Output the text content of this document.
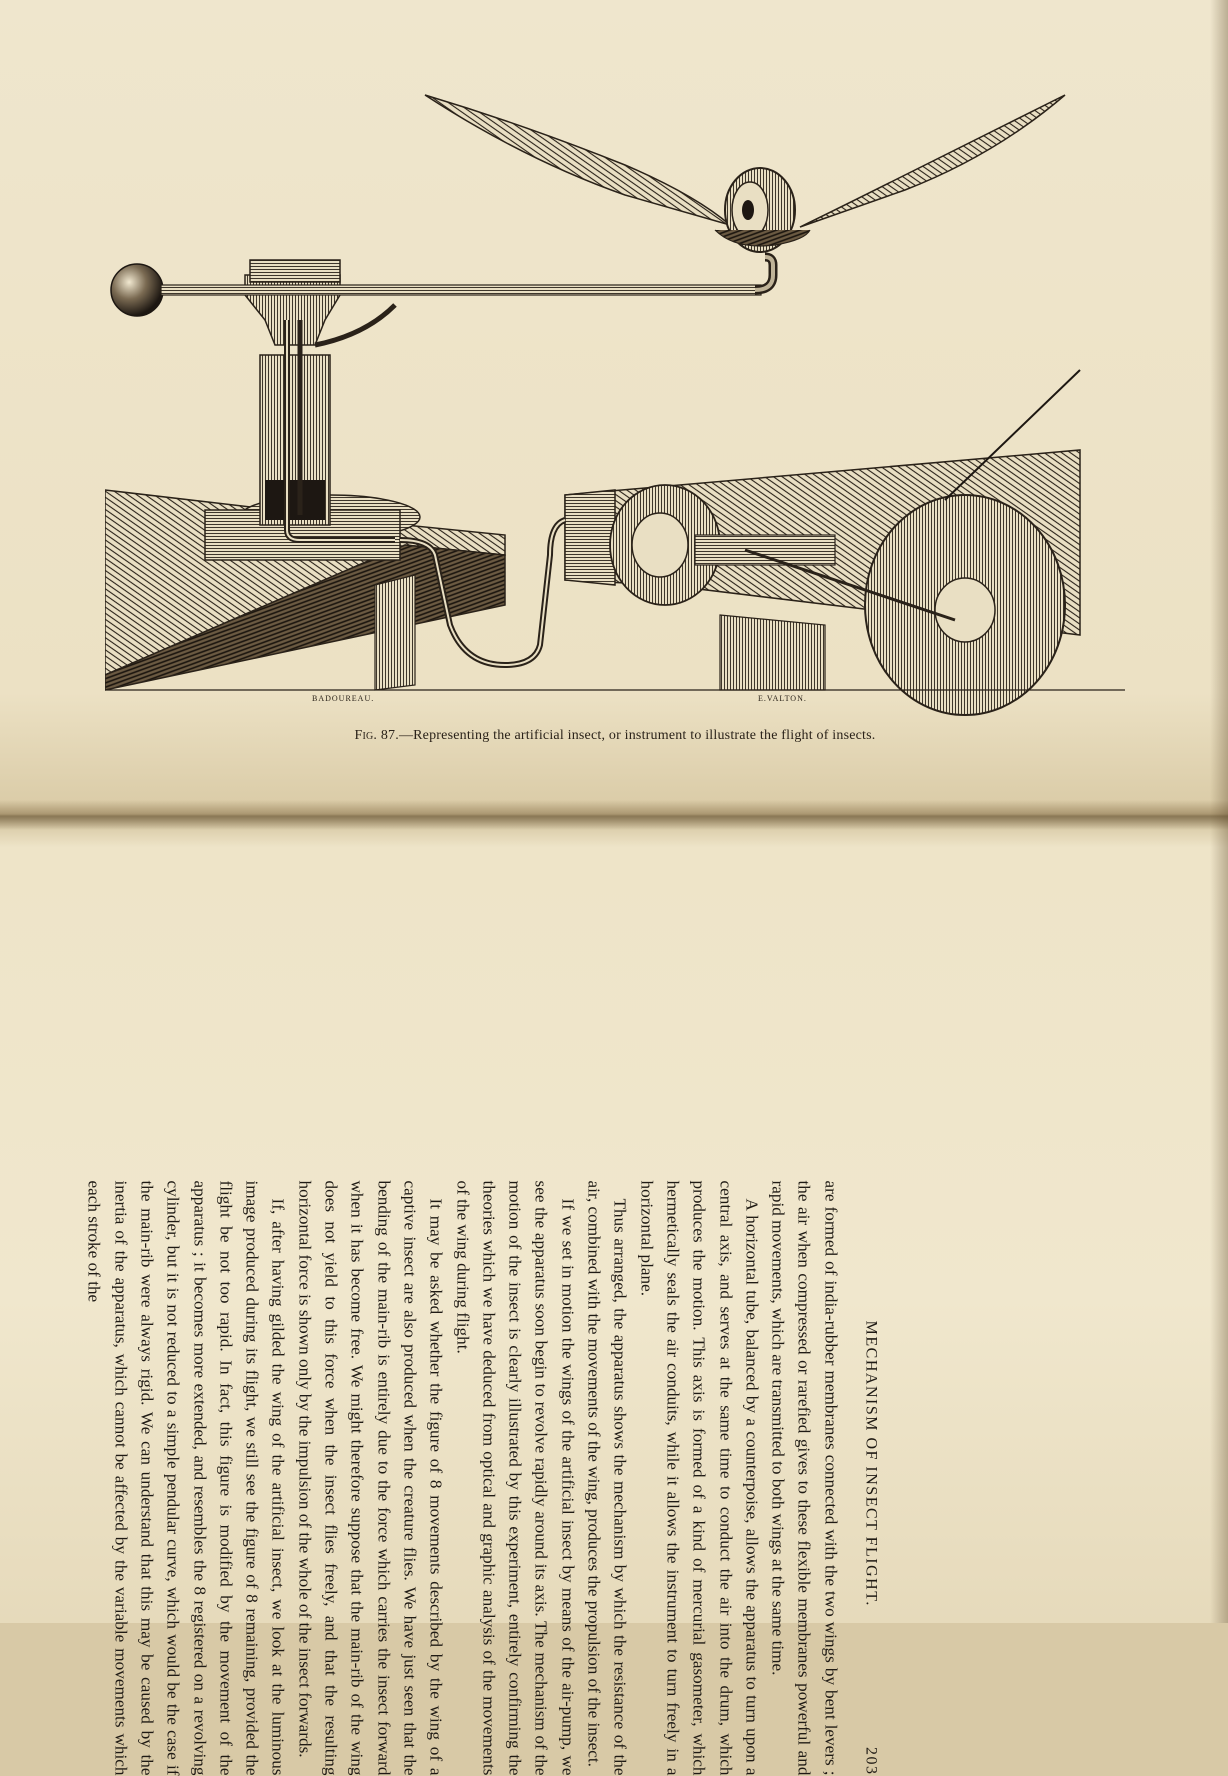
BADOUREAU.	E.VALTON.
Fig. 87.—Representing the artificial insect, or instrument to illustrate the flight of insects.
MECHANISM OF INSECT FLIGHT.
203

are formed of india-rubber membranes connected with the two wings by bent levers ; the air when compressed or rarefied gives to these flexible membranes powerful and rapid movements, which are transmitted to both wings at the same time.

A horizontal tube, balanced by a counterpoise, allows the apparatus to turn upon a central axis, and serves at the same time to conduct the air into the drum, which produces the motion. This axis is formed of a kind of mercurial gasometer, which hermetically seals the air conduits, while it allows the instrument to turn freely in a horizontal plane.

Thus arranged, the apparatus shows the mechanism by which the resistance of the air, combined with the movements of the wing, produces the propulsion of the insect.

If we set in motion the wings of the artificial insect by means of the air-pump, we see the apparatus soon begin to revolve rapidly around its axis. The mechanism of the motion of the insect is clearly illustrated by this experiment, entirely confirming the theories which we have deduced from optical and graphic analysis of the movements of the wing during flight.

It may be asked whether the figure of 8 movements described by the wing of a captive insect are also produced when the creature flies. We have just seen that the bending of the main-rib is entirely due to the force which carries the insect forward when it has become free. We might therefore suppose that the main-rib of the wing does not yield to this force when the insect flies freely, and that the resulting horizontal force is shown only by the impulsion of the whole of the insect forwards.

If, after having gilded the wing of the artificial insect, we look at the luminous image produced during its flight, we still see the figure of 8 remaining, provided the flight be not too rapid. In fact, this figure is modified by the movement of the apparatus ; it becomes more extended, and resembles the 8 registered on a revolving cylinder, but it is not reduced to a simple pendular curve, which would be the case if the main-rib were always rigid. We can understand that this may be caused by the inertia of the apparatus, which cannot be affected by the variable movements which each stroke of the
